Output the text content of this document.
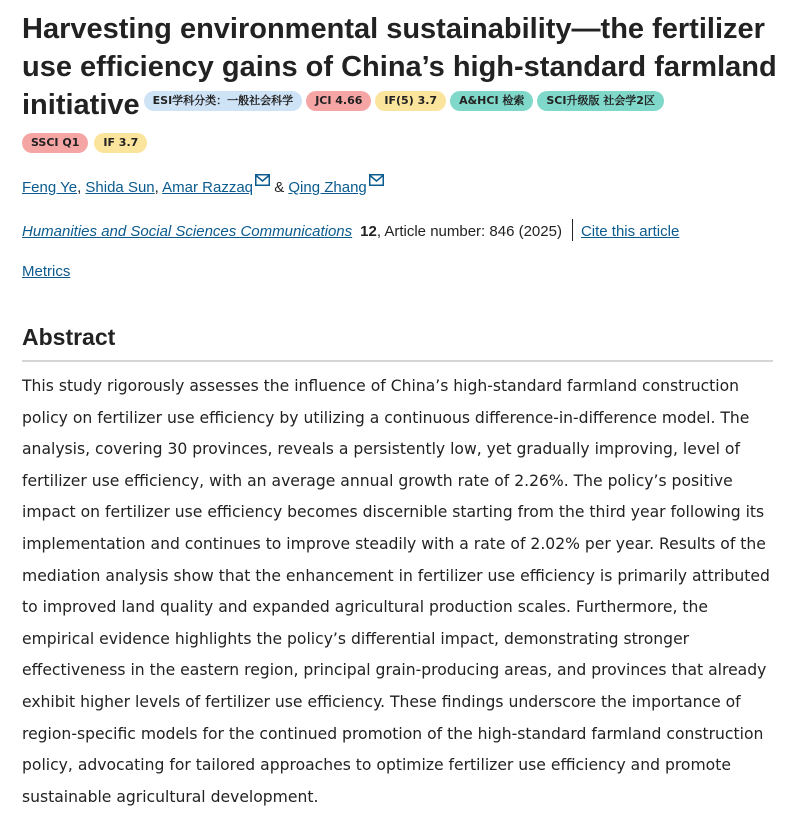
Harvesting environmental sustainability—the fertilizer use efficiency gains of China’s high-standard farmland initiative ESI学科分类：一般社会科学 JCI 4.66 IF(5) 3.7 A&HCI 检索 SCI升级版 社会学2区
SSCI Q1 IF 3.7
Feng Ye, Shida Sun, Amar Razzaq & Qing Zhang
Humanities and Social Sciences Communications 12, Article number: 846 (2025) Cite this article
Metrics
Abstract

This study rigorously assesses the influence of China’s high-standard farmland construction policy on fertilizer use efficiency by utilizing a continuous difference-in-difference model. The analysis, covering 30 provinces, reveals a persistently low, yet gradually improving, level of fertilizer use efficiency, with an average annual growth rate of 2.26%. The policy’s positive impact on fertilizer use efficiency becomes discernible starting from the third year following its implementation and continues to improve steadily with a rate of 2.02% per year. Results of the mediation analysis show that the enhancement in fertilizer use efficiency is primarily attributed to improved land quality and expanded agricultural production scales. Furthermore, the empirical evidence highlights the policy’s differential impact, demonstrating stronger effectiveness in the eastern region, principal grain-producing areas, and provinces that already exhibit higher levels of fertilizer use efficiency. These findings underscore the importance of region-specific models for the continued promotion of the high-standard farmland construction policy, advocating for tailored approaches to optimize fertilizer use efficiency and promote sustainable agricultural development.
